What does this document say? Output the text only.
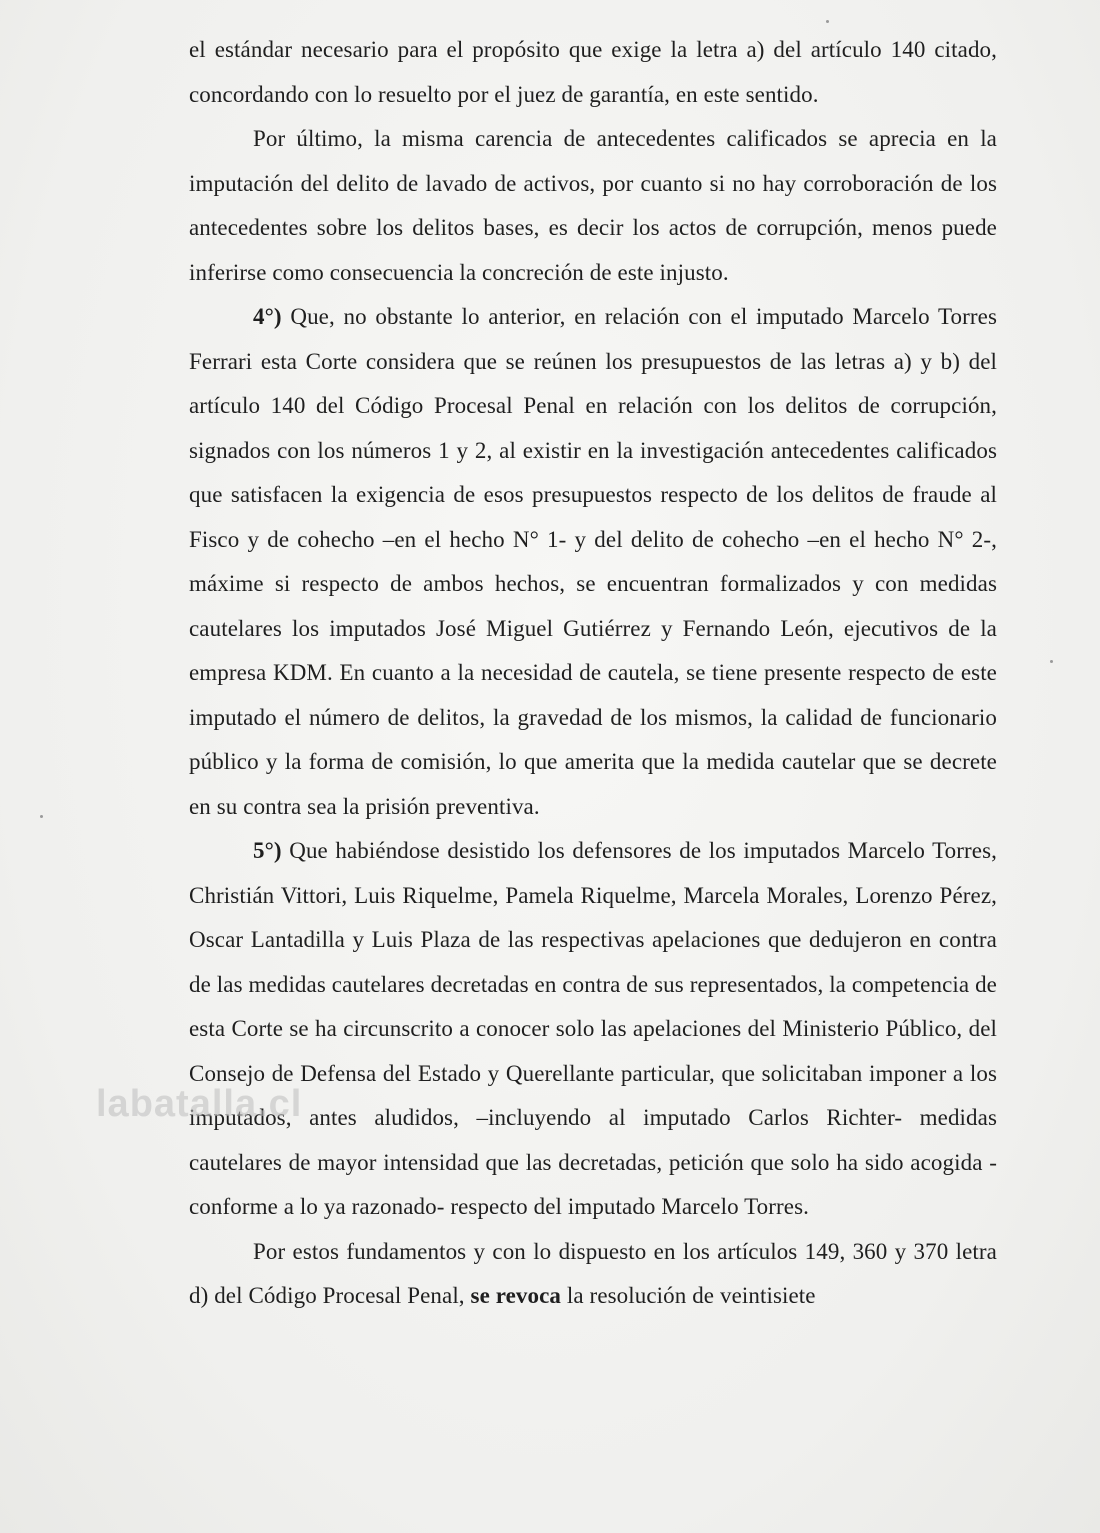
el estándar necesario para el propósito que exige la letra a) del artículo 140 citado, concordando con lo resuelto por el juez de garantía, en este sentido.

Por último, la misma carencia de antecedentes calificados se aprecia en la imputación del delito de lavado de activos, por cuanto si no hay corroboración de los antecedentes sobre los delitos bases, es decir los actos de corrupción, menos puede inferirse como consecuencia la concreción de este injusto.

4°) Que, no obstante lo anterior, en relación con el imputado Marcelo Torres Ferrari esta Corte considera que se reúnen los presupuestos de las letras a) y b) del artículo 140 del Código Procesal Penal en relación con los delitos de corrupción, signados con los números 1 y 2, al existir en la investigación antecedentes calificados que satisfacen la exigencia de esos presupuestos respecto de los delitos de fraude al Fisco y de cohecho –en el hecho N° 1- y del delito de cohecho –en el hecho N° 2-, máxime si respecto de ambos hechos, se encuentran formalizados y con medidas cautelares los imputados José Miguel Gutiérrez y Fernando León, ejecutivos de la empresa KDM. En cuanto a la necesidad de cautela, se tiene presente respecto de este imputado el número de delitos, la gravedad de los mismos, la calidad de funcionario público y la forma de comisión, lo que amerita que la medida cautelar que se decrete en su contra sea la prisión preventiva.

5°) Que habiéndose desistido los defensores de los imputados Marcelo Torres, Christián Vittori, Luis Riquelme, Pamela Riquelme, Marcela Morales, Lorenzo Pérez, Oscar Lantadilla y Luis Plaza de las respectivas apelaciones que dedujeron en contra de las medidas cautelares decretadas en contra de sus representados, la competencia de esta Corte se ha circunscrito a conocer solo las apelaciones del Ministerio Público, del Consejo de Defensa del Estado y Querellante particular, que solicitaban imponer a los imputados, antes aludidos, –incluyendo al imputado Carlos Richter- medidas cautelares de mayor intensidad que las decretadas, petición que solo ha sido acogida -conforme a lo ya razonado- respecto del imputado Marcelo Torres.

Por estos fundamentos y con lo dispuesto en los artículos 149, 360 y 370 letra d) del Código Procesal Penal, se revoca la resolución de veintisiete

labatalla.cl
